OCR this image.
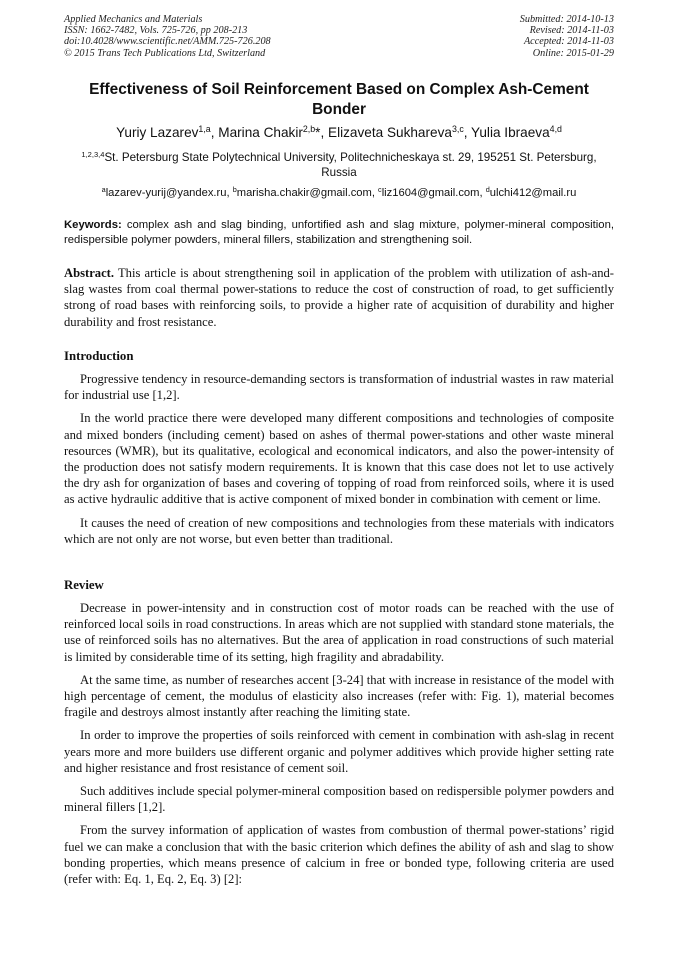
Applied Mechanics and Materials
ISSN: 1662-7482, Vols. 725-726, pp 208-213
doi:10.4028/www.scientific.net/AMM.725-726.208
© 2015 Trans Tech Publications Ltd, Switzerland
Submitted: 2014-10-13
Revised: 2014-11-03
Accepted: 2014-11-03
Online: 2015-01-29
Effectiveness of Soil Reinforcement Based on Complex Ash-Cement
Bonder
Yuriy Lazarev$^{1,a}$, Marina Chakir$^{2,b}$*, Elizaveta Sukhareva$^{3,c}$, Yulia Ibraeva$^{4,d}$
$^{1,2,3,4}$St. Petersburg State Polytechnical University, Politechnicheskaya st. 29, 195251 St. Petersburg, Russia
$^a$lazarev-yurij@yandex.ru, $^b$marisha.chakir@gmail.com, $^c$liz1604@gmail.com, $^d$ulchi412@mail.ru
Keywords: complex ash and slag binding, unfortified ash and slag mixture, polymer-mineral composition, redispersible polymer powders, mineral fillers, stabilization and strengthening soil.
Abstract. This article is about strengthening soil in application of the problem with utilization of ash-and-slag wastes from coal thermal power-stations to reduce the cost of construction of road, to get sufficiently strong of road bases with reinforcing soils, to provide a higher rate of acquisition of durability and higher durability and frost resistance.
Introduction

Progressive tendency in resource-demanding sectors is transformation of industrial wastes in raw material for industrial use [1,2].

In the world practice there were developed many different compositions and technologies of composite and mixed bonders (including cement) based on ashes of thermal power-stations and other waste mineral resources (WMR), but its qualitative, ecological and economical indicators, and also the power-intensity of the production does not satisfy modern requirements. It is known that this case does not let to use actively the dry ash for organization of bases and covering of topping of road from reinforced soils, where it is used as active hydraulic additive that is active component of mixed bonder in combination with cement or lime.

It causes the need of creation of new compositions and technologies from these materials with indicators which are not only are not worse, but even better than traditional.

Review

Decrease in power-intensity and in construction cost of motor roads can be reached with the use of reinforced local soils in road constructions. In areas which are not supplied with standard stone materials, the use of reinforced soils has no alternatives. But the area of application in road constructions of such material is limited by considerable time of its setting, high fragility and abradability.

At the same time, as number of researches accent [3-24] that with increase in resistance of the model with high percentage of cement, the modulus of elasticity also increases (refer with: Fig. 1), material becomes fragile and destroys almost instantly after reaching the limiting state.

In order to improve the properties of soils reinforced with cement in combination with ash-slag in recent years more and more builders use different organic and polymer additives which provide higher setting rate and higher resistance and frost resistance of cement soil.

Such additives include special polymer-mineral composition based on redispersible polymer powders and mineral fillers [1,2].

From the survey information of application of wastes from combustion of thermal power-stations’ rigid fuel we can make a conclusion that with the basic criterion which defines the ability of ash and slag to show bonding properties, which means presence of calcium in free or bonded type, following criteria are used (refer with: Eq. 1, Eq. 2, Eq. 3) [2]:
